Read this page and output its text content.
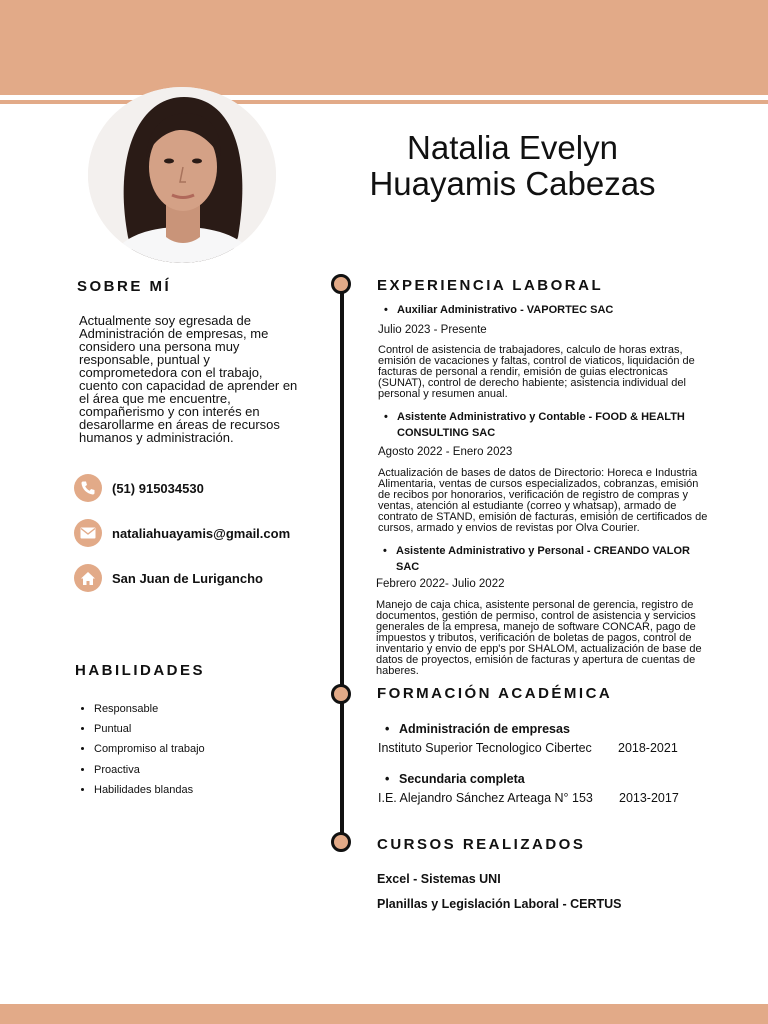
Natalia Evelyn
Huayamis Cabezas
SOBRE MÍ
Actualmente soy egresada de
Administración de empresas, me
considero una persona muy
responsable, puntual y
comprometedora con el trabajo,
cuento con capacidad de aprender en
el área que me encuentre,
compañerismo y con interés en
desarollarme en áreas de recursos
humanos y administración.
(51) 915034530
nataliahuayamis@gmail.com
San Juan de Lurigancho
HABILIDADES
• Responsable
• Puntual
• Compromiso al trabajo
• Proactiva
• Habilidades blandas
EXPERIENCIA LABORAL
• Auxiliar Administrativo - VAPORTEC SAC
Julio 2023 - Presente
Control de asistencia de trabajadores, calculo de horas extras,
emisión de vacaciones y faltas, control de viaticos, liquidación de
facturas de personal a rendir, emisión de guias electronicas
(SUNAT), control de derecho habiente; asistencia individual del
personal y resumen anual.
• Asistente Administrativo y Contable - FOOD & HEALTH
CONSULTING SAC
Agosto 2022 - Enero 2023
Actualización de bases de datos de Directorio: Horeca e Industria
Alimentaria, ventas de cursos especializados, cobranzas, emisión
de recibos por honorarios, verificación de registro de compras y
ventas, atención al estudiante (correo y whatsap), armado de
contrato de STAND, emisión de facturas, emisión de certificados de
cursos, armado y envios de revistas por Olva Courier.
• Asistente Administrativo y Personal - CREANDO VALOR
SAC
Febrero 2022- Julio 2022
Manejo de caja chica, asistente personal de gerencia, registro de
documentos, gestión de permiso, control de asistencia y servicios
generales de la empresa, manejo de software CONCAR, pago de
impuestos y tributos, verificación de boletas de pagos, control de
inventario y envio de epp's por SHALOM, actualización de base de
datos de proyectos, emisión de facturas y apertura de cuentas de
haberes.
FORMACIÓN ACADÉMICA
• Administración de empresas
Instituto Superior Tecnologico Cibertec 2018-2021
• Secundaria completa
I.E. Alejandro Sánchez Arteaga N° 153 2013-2017
CURSOS REALIZADOS
Excel - Sistemas UNI
Planillas y Legislación Laboral - CERTUS
